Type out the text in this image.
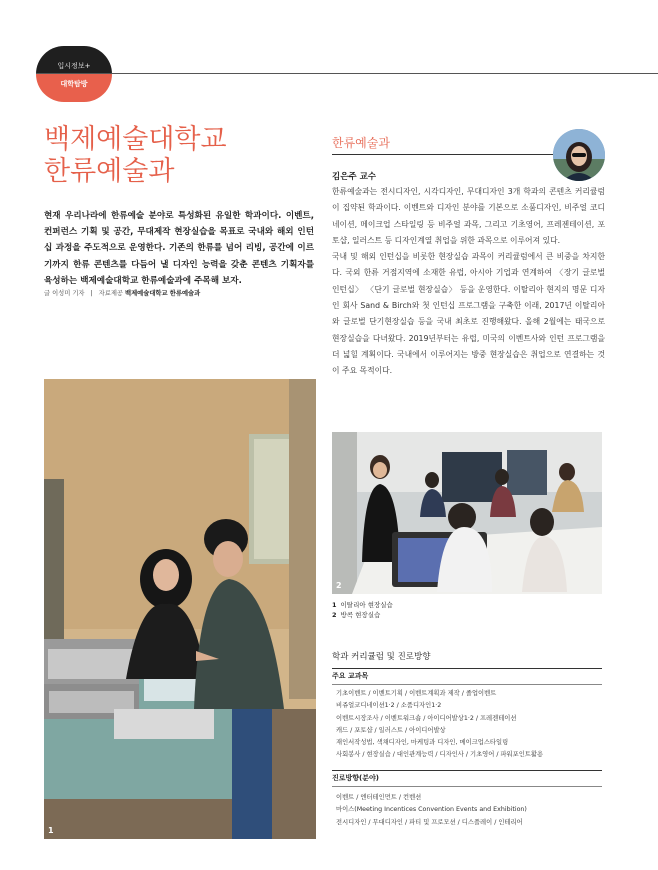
입시정보+
대학탐방
백제예술대학교
한류예술과
현재 우리나라에 한류예술 분야로 특성화된 유일한 학과이다. 이벤트, 컨퍼런스 기획 및 공간, 무대제작 현장실습을 목표로 국내와 해외 인턴십 과정을 주도적으로 운영한다. 기존의 한류를 넘어 리빙, 공간에 이르기까지 한류 콘텐츠를 다듬어 낼 디자인 능력을 갖춘 콘텐츠 기획자를 육성하는 백제예술대학교 한류예술과에 주목해 보자.
글 이성미 기자 | 자료제공 백제예술대학교 한류예술과
한류예술과
김은주 교수

한류예술과는 전시디자인, 시각디자인, 무대디자인 3개 학과의 콘텐츠 커리큘럼이 집약된 학과이다. 이벤트와 디자인 분야를 기본으로 소품디자인, 비주얼 코디네이션, 메이크업 스타일링 등 비주얼 과목, 그리고 기초영어, 프레젠테이션, 포토샵, 일러스트 등 디자인계열 취업을 위한 과목으로 이루어져 있다.

국내 및 해외 인턴십을 비롯한 현장실습 과목이 커리큘럼에서 큰 비중을 차지한다. 국외 한류 거점지역에 소재한 유럽, 아시아 기업과 연계하여 〈장기 글로벌 인턴십〉 〈단기 글로벌 현장실습〉 등을 운영한다. 이탈리아 현지의 명문 디자인 회사 Sand & Birch와 첫 인턴십 프로그램을 구축한 이래, 2017년 이탈리아와 글로벌 단기현장실습 등을 국내 최초로 진행해왔다. 올해 2월에는 태국으로 현장실습을 다녀왔다. 2019년부터는 유럽, 미국의 이벤트사와 인턴 프로그램을 더 넓힐 계획이다. 국내에서 이루어지는 방중 현장실습은 취업으로 연결하는 것이 주요 목적이다.

1
2
1 이탈리아 현장실습
2 방콕 현장실습
학과 커리큘럼 및 진로방향
주요 교과목
기초이벤트 / 이벤트기획 / 이벤트계획과 제작 / 졸업이벤트
비쥬얼코디네이션1·2 / 소품디자인1·2
이벤트시장조사 / 이벤트워크숍 / 아이디어발상1·2 / 프레젠테이션
캐드 / 포토샵 / 일러스트 / 아이디어발상
재인서작성법, 색채디자인, 마케팅과 디자인, 메이크업스타일링
사회봉사 / 현장실습 / 대인관계능력 / 디자인사 / 기초영어 / 파워포인트활용
진로방향(분야)
이벤트 / 엔터테인먼트 / 컨벤션
마이스(Meeting Incentices Convention Events and Exhibition)
전시디자인 / 무대디자인 / 파티 및 프로모션 / 디스플레이 / 인테리어
